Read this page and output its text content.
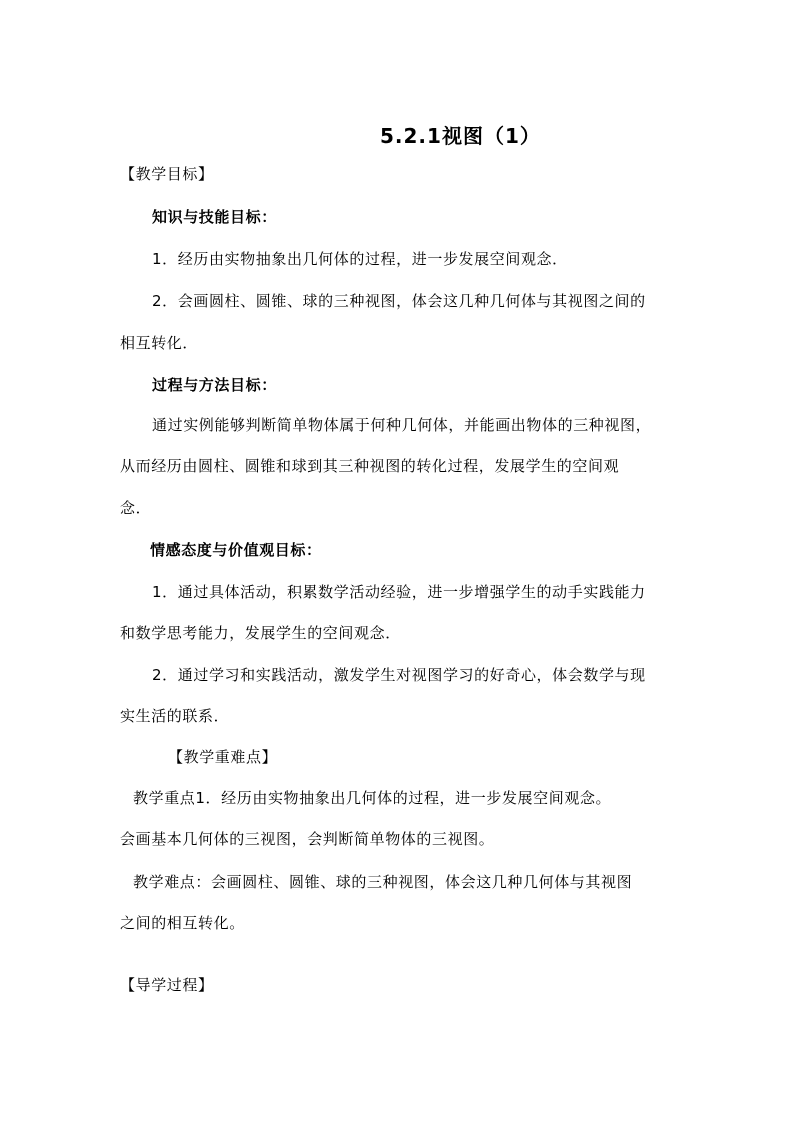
5.2.1视图（1）
【教学目标】
知识与技能目标：
1．经历由实物抽象出几何体的过程，进一步发展空间观念．
2．会画圆柱、圆锥、球的三种视图，体会这几种几何体与其视图之间的
相互转化．
过程与方法目标：
通过实例能够判断简单物体属于何种几何体，并能画出物体的三种视图，
从而经历由圆柱、圆锥和球到其三种视图的转化过程，发展学生的空间观
念．
情感态度与价值观目标：
1．通过具体活动，积累数学活动经验，进一步增强学生的动手实践能力
和数学思考能力，发展学生的空间观念．
2．通过学习和实践活动，激发学生对视图学习的好奇心，体会数学与现
实生活的联系．
【教学重难点】
教学重点1．经历由实物抽象出几何体的过程，进一步发展空间观念。
会画基本几何体的三视图，会判断简单物体的三视图。
教学难点：会画圆柱、圆锥、球的三种视图，体会这几种几何体与其视图
之间的相互转化。
【导学过程】
